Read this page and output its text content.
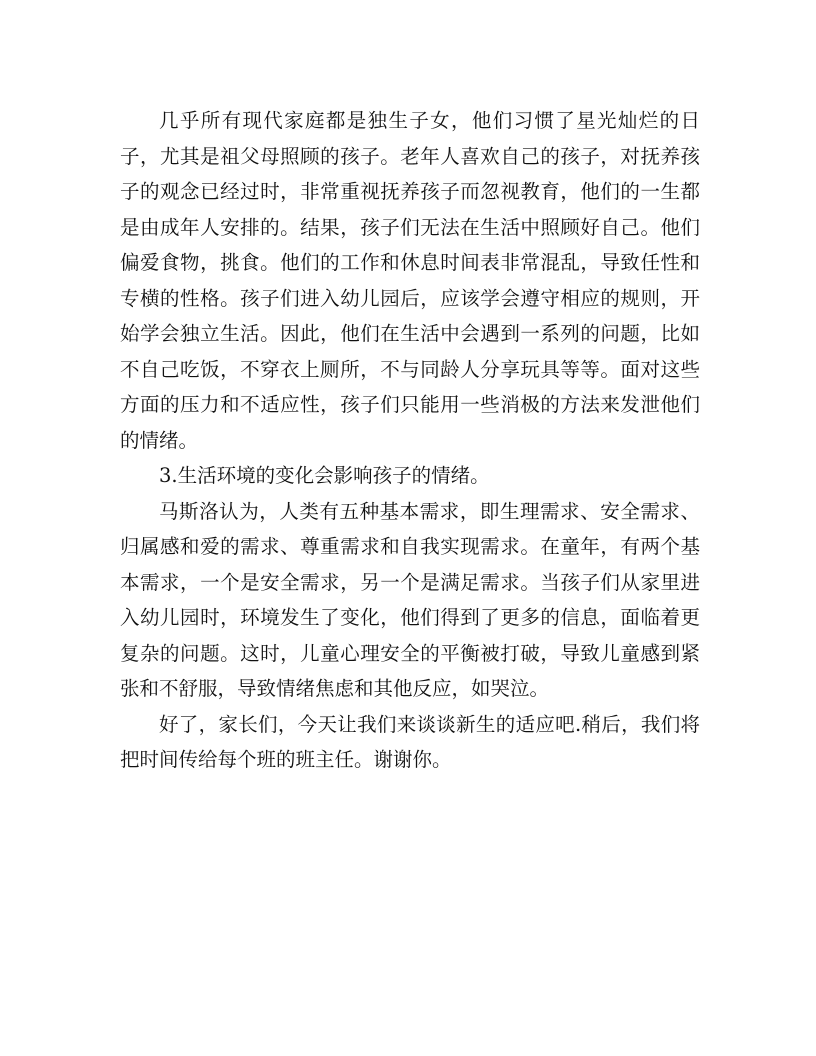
几乎所有现代家庭都是独生子女，他们习惯了星光灿烂的日子，尤其是祖父母照顾的孩子。老年人喜欢自己的孩子，对抚养孩子的观念已经过时，非常重视抚养孩子而忽视教育，他们的一生都是由成年人安排的。结果，孩子们无法在生活中照顾好自己。他们偏爱食物，挑食。他们的工作和休息时间表非常混乱，导致任性和专横的性格。孩子们进入幼儿园后，应该学会遵守相应的规则，开始学会独立生活。因此，他们在生活中会遇到一系列的问题，比如不自己吃饭，不穿衣上厕所，不与同龄人分享玩具等等。面对这些方面的压力和不适应性，孩子们只能用一些消极的方法来发泄他们的情绪。

3.生活环境的变化会影响孩子的情绪。

马斯洛认为，人类有五种基本需求，即生理需求、安全需求、归属感和爱的需求、尊重需求和自我实现需求。在童年，有两个基本需求，一个是安全需求，另一个是满足需求。当孩子们从家里进入幼儿园时，环境发生了变化，他们得到了更多的信息，面临着更复杂的问题。这时，儿童心理安全的平衡被打破，导致儿童感到紧张和不舒服，导致情绪焦虑和其他反应，如哭泣。

好了，家长们，今天让我们来谈谈新生的适应吧.稍后，我们将把时间传给每个班的班主任。谢谢你。
